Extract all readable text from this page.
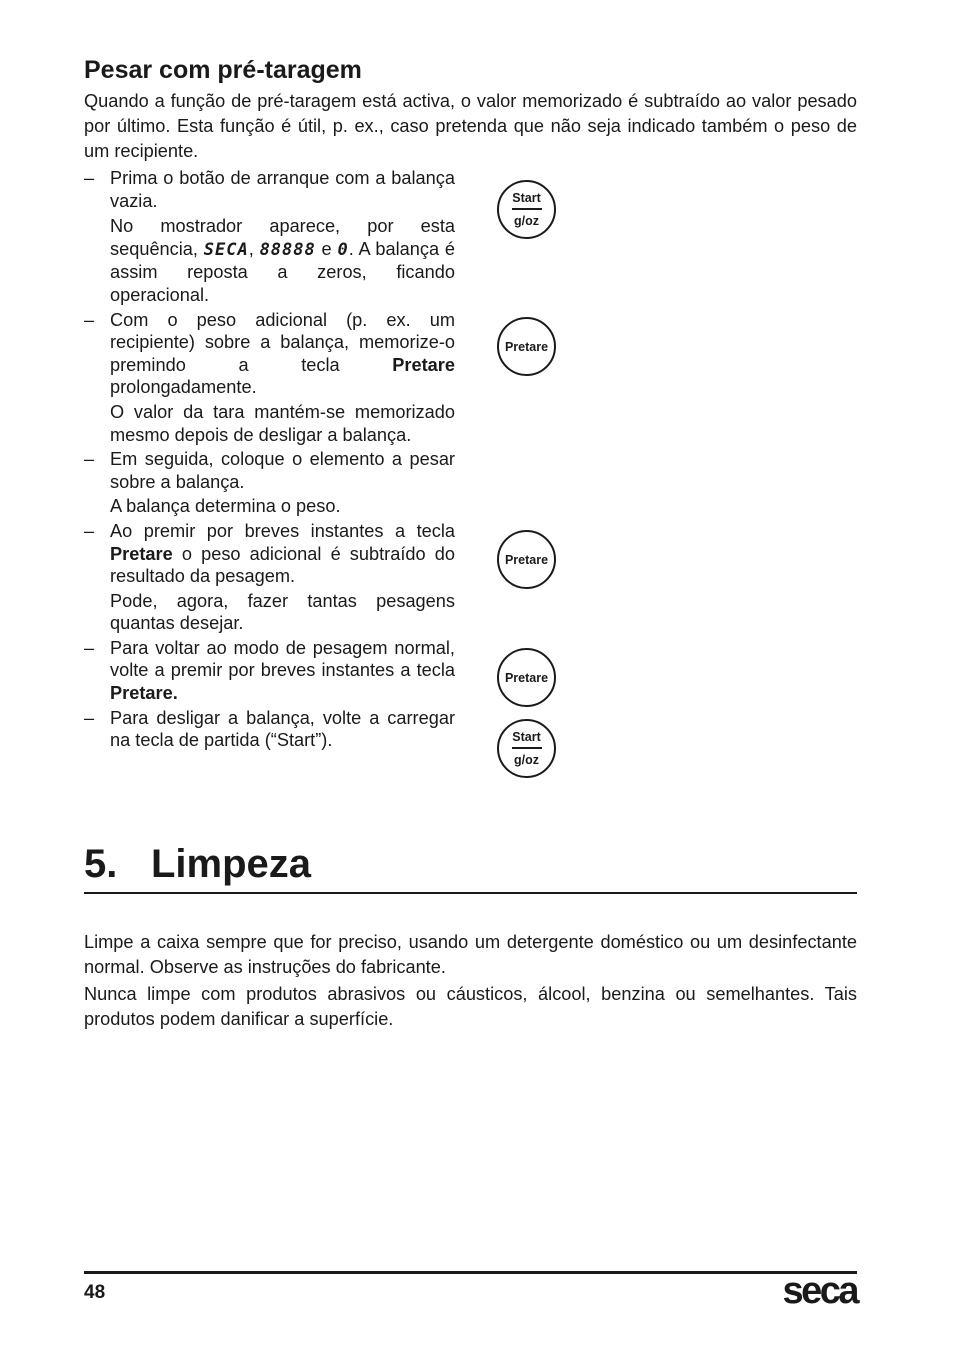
Pesar com pré-taragem
Quando a função de pré-taragem está activa, o valor memorizado é subtraído ao valor pesado por último. Esta função é útil, p. ex., caso pretenda que não seja indicado também o peso de um recipiente.
– Prima o botão de arranque com a balança vazia.

No mostrador aparece, por esta sequência, SECA, 88888 e 0. A balança é assim reposta a zeros, ficando operacional.

– Com o peso adicional (p. ex. um recipiente) sobre a balança, memorize-o premindo a tecla	Pretare prolongadamente.

O valor da tara mantém-se memorizado mesmo depois de desligar a balança.
– Em seguida, coloque o elemento a pesar sobre a balança.

A balança determina o peso.
– Ao premir por breves instantes a tecla Pretare o peso adicional é subtraído do resultado da pesagem.

Pode, agora, fazer tantas pesagens quantas desejar.
– Para voltar ao modo de pesagem normal, volte a premir por breves instantes a tecla Pretare.

– Para desligar a balança, volte a carregar na tecla de partida (“Start”).

Start
g/oz
Pretare
Pretare
Pretare
Start
g/oz
5. Limpeza
Limpe a caixa sempre que for preciso, usando um detergente doméstico ou um desinfectante normal. Observe as instruções do fabricante.
Nunca limpe com produtos abrasivos ou cáusticos, álcool, benzina ou semelhantes. Tais produtos podem danificar a superfície.
48	seca
